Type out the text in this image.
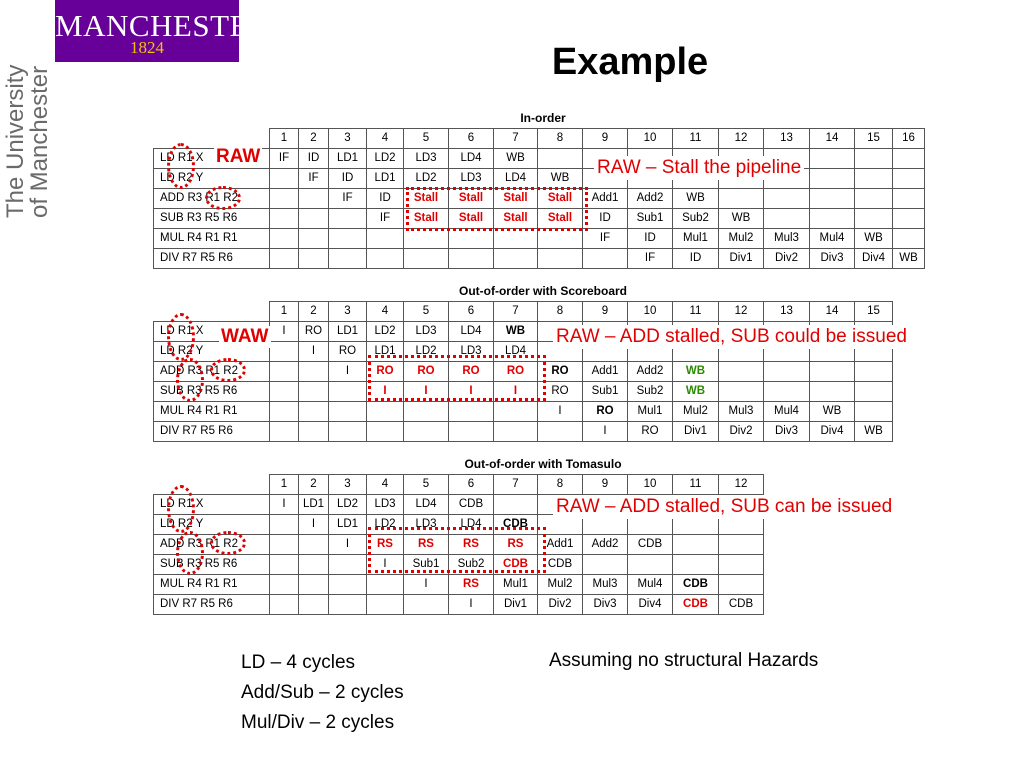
MANCHESTER
1824
The University
of Manchester
Example
In-order
Out-of-order with Scoreboard
Out-of-order with Tomasulo
	1	2	3	4	5	6	7	8	9	10	11	12	13	14	15	16
LD R1 X	IF	ID	LD1	LD2	LD3	LD4	WB									
LD R2 Y		IF	ID	LD1	LD2	LD3	LD4	WB								
ADD R3 R1 R2			IF	ID	Stall	Stall	Stall	Stall	Add1	Add2	WB					
SUB R3 R5 R6				IF	Stall	Stall	Stall	Stall	ID	Sub1	Sub2	WB				
MUL R4 R1 R1									IF	ID	Mul1	Mul2	Mul3	Mul4	WB	
DIV R7 R5 R6										IF	ID	Div1	Div2	Div3	Div4	WB
	1	2	3	4	5	6	7	8	9	10	11	12	13	14	15
LD R1 X	I	RO	LD1	LD2	LD3	LD4	WB								
LD R2 Y		I	RO	LD1	LD2	LD3	LD4								
ADD R3 R1 R2			I	RO	RO	RO	RO	RO	Add1	Add2	WB				
SUB R3 R5 R6				I	I	I	I	RO	Sub1	Sub2	WB				
MUL R4 R1 R1								I	RO	Mul1	Mul2	Mul3	Mul4	WB	
DIV R7 R5 R6									I	RO	Div1	Div2	Div3	Div4	WB
	1	2	3	4	5	6	7	8	9	10	11	12
LD R1 X	I	LD1	LD2	LD3	LD4	CDB						
LD R2 Y		I	LD1	LD2	LD3	LD4	CDB					
ADD R3 R1 R2			I	RS	RS	RS	RS	Add1	Add2	CDB		
SUB R3 R5 R6				I	Sub1	Sub2	CDB	CDB				
MUL R4 R1 R1					I	RS	Mul1	Mul2	Mul3	Mul4	CDB	
DIV R7 R5 R6						I	Div1	Div2	Div3	Div4	CDB	CDB
RAW
WAW
RAW – Stall the pipeline
RAW – ADD stalled, SUB could be issued
RAW – ADD stalled, SUB can be issued
LD – 4 cycles
Add/Sub – 2 cycles
Mul/Div – 2 cycles
Assuming no structural Hazards
